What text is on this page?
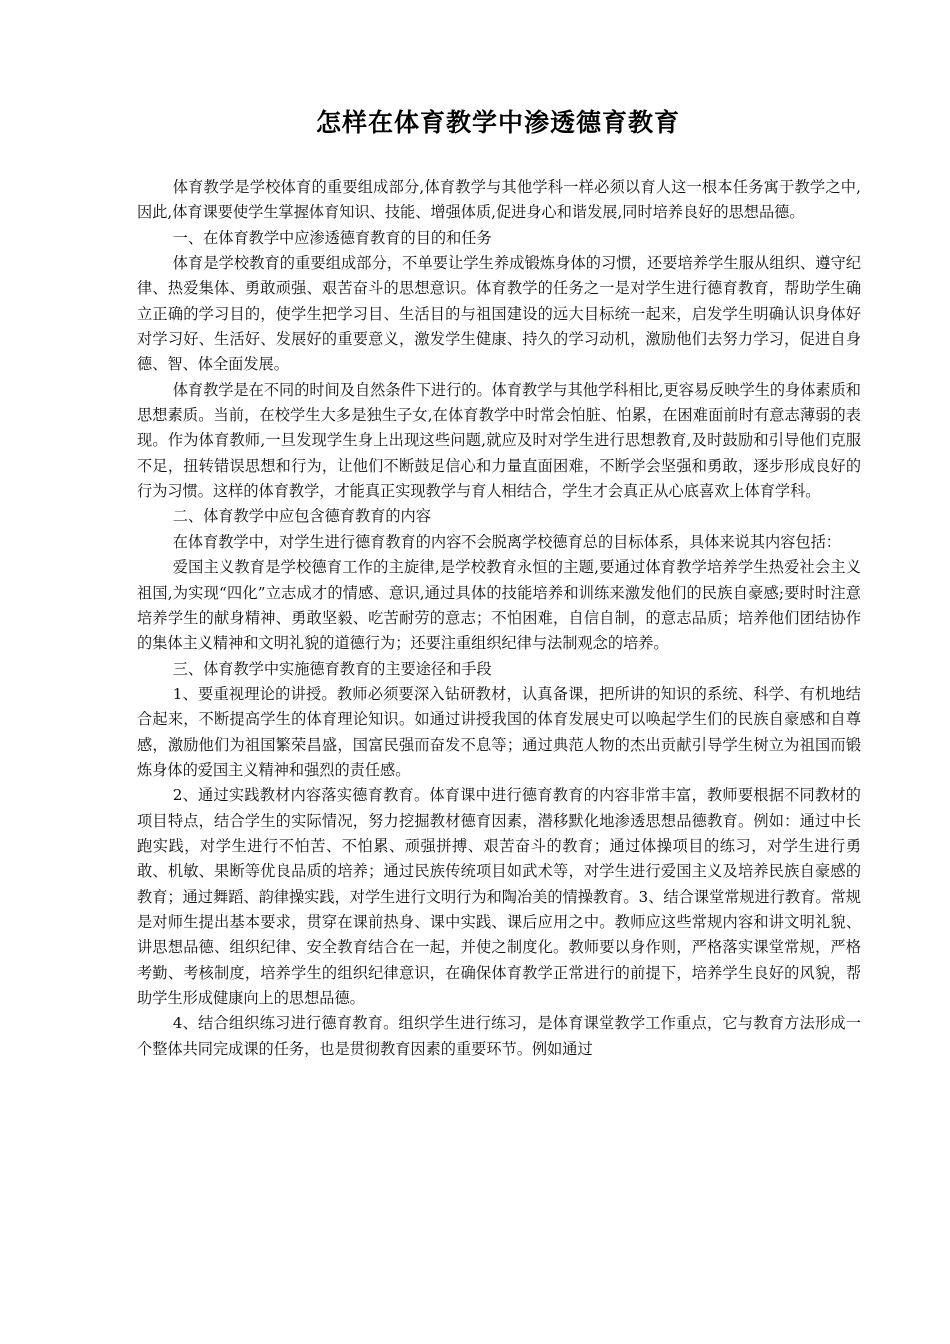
怎样在体育教学中渗透德育教育

体育教学是学校体育的重要组成部分,体育教学与其他学科一样必须以育人这一根本任务寓于教学之中,因此,体育课要使学生掌握体育知识、技能、增强体质,促进身心和谐发展,同时培养良好的思想品德。

一、在体育教学中应渗透德育教育的目的和任务

体育是学校教育的重要组成部分，不单要让学生养成锻炼身体的习惯，还要培养学生服从组织、遵守纪律、热爱集体、勇敢顽强、艰苦奋斗的思想意识。体育教学的任务之一是对学生进行德育教育，帮助学生确立正确的学习目的，使学生把学习目、生活目的与祖国建设的远大目标统一起来，启发学生明确认识身体好对学习好、生活好、发展好的重要意义，激发学生健康、持久的学习动机，激励他们去努力学习，促进自身德、智、体全面发展。

体育教学是在不同的时间及自然条件下进行的。体育教学与其他学科相比,更容易反映学生的身体素质和思想素质。当前，在校学生大多是独生子女,在体育教学中时常会怕脏、怕累，在困难面前时有意志薄弱的表现。作为体育教师,一旦发现学生身上出现这些问题,就应及时对学生进行思想教育,及时鼓励和引导他们克服不足，扭转错误思想和行为，让他们不断鼓足信心和力量直面困难，不断学会坚强和勇敢，逐步形成良好的行为习惯。这样的体育教学，才能真正实现教学与育人相结合，学生才会真正从心底喜欢上体育学科。

二、体育教学中应包含德育教育的内容

在体育教学中，对学生进行德育教育的内容不会脱离学校德育总的目标体系，具体来说其内容包括：

爱国主义教育是学校德育工作的主旋律,是学校教育永恒的主题,要通过体育教学培养学生热爱社会主义祖国,为实现“四化”立志成才的情感、意识,通过具体的技能培养和训练来激发他们的民族自豪感;要时时注意培养学生的献身精神、勇敢坚毅、吃苦耐劳的意志；不怕困难，自信自制，的意志品质；培养他们团结协作的集体主义精神和文明礼貌的道德行为；还要注重组织纪律与法制观念的培养。

三、体育教学中实施德育教育的主要途径和手段

1、要重视理论的讲授。教师必须要深入钻研教材，认真备课，把所讲的知识的系统、科学、有机地结合起来，不断提高学生的体育理论知识。如通过讲授我国的体育发展史可以唤起学生们的民族自豪感和自尊感，激励他们为祖国繁荣昌盛，国富民强而奋发不息等；通过典范人物的杰出贡献引导学生树立为祖国而锻炼身体的爱国主义精神和强烈的责任感。

2、通过实践教材内容落实德育教育。体育课中进行德育教育的内容非常丰富，教师要根据不同教材的项目特点，结合学生的实际情况，努力挖掘教材德育因素，潜移默化地渗透思想品德教育。例如：通过中长跑实践，对学生进行不怕苦、不怕累、顽强拼搏、艰苦奋斗的教育；通过体操项目的练习，对学生进行勇敢、机敏、果断等优良品质的培养；通过民族传统项目如武术等，对学生进行爱国主义及培养民族自豪感的教育；通过舞蹈、韵律操实践，对学生进行文明行为和陶冶美的情操教育。3、结合课堂常规进行教育。常规是对师生提出基本要求，贯穿在课前热身、课中实践、课后应用之中。教师应这些常规内容和讲文明礼貌、讲思想品德、组织纪律、安全教育结合在一起，并使之制度化。教师要以身作则，严格落实课堂常规，严格考勤、考核制度，培养学生的组织纪律意识，在确保体育教学正常进行的前提下，培养学生良好的风貌，帮助学生形成健康向上的思想品德。

4、结合组织练习进行德育教育。组织学生进行练习，是体育课堂教学工作重点，它与教育方法形成一个整体共同完成课的任务，也是贯彻教育因素的重要环节。例如通过
